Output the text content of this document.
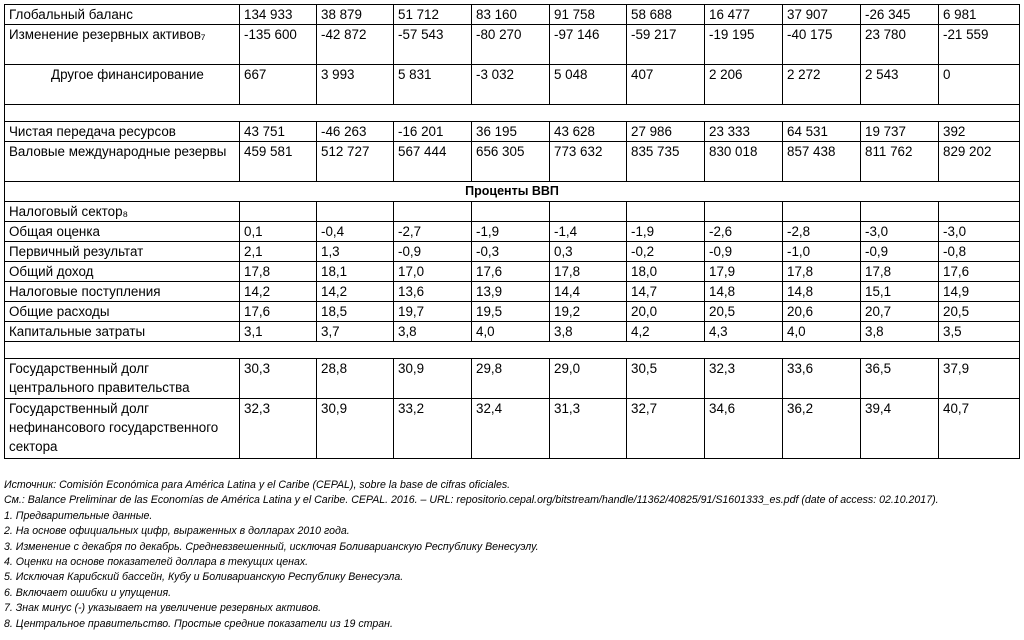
Глобальный баланс	134 933	38 879	51 712	83 160	91 758	58 688	16 477	37 907	-26 345	6 981
Изменение резервных активов₇	-135 600	-42 872	-57 543	-80 270	-97 146	-59 217	-19 195	-40 175	23 780	-21 559
Другое финансирование	667	3 993	5 831	-3 032	5 048	407	2 206	2 272	2 543	0

Чистая передача ресурсов	43 751	-46 263	-16 201	36 195	43 628	27 986	23 333	64 531	19 737	392
Валовые международные резервы	459 581	512 727	567 444	656 305	773 632	835 735	830 018	857 438	811 762	829 202
Проценты ВВП										
Налоговый сектор₈										
Общая оценка	0,1	-0,4	-2,7	-1,9	-1,4	-1,9	-2,6	-2,8	-3,0	-3,0
Первичный результат	2,1	1,3	-0,9	-0,3	0,3	-0,2	-0,9	-1,0	-0,9	-0,8
Общий доход	17,8	18,1	17,0	17,6	17,8	18,0	17,9	17,8	17,8	17,6
Налоговые поступления	14,2	14,2	13,6	13,9	14,4	14,7	14,8	14,8	15,1	14,9
Общие расходы	17,6	18,5	19,7	19,5	19,2	20,0	20,5	20,6	20,7	20,5
Капитальные затраты	3,1	3,7	3,8	4,0	3,8	4,2	4,3	4,0	3,8	3,5

Государственный долг центрального правительства	30,3	28,8	30,9	29,8	29,0	30,5	32,3	33,6	36,5	37,9
Государственный долг нефинансового государственного сектора	32,3	30,9	33,2	32,4	31,3	32,7	34,6	36,2	39,4	40,7
Источник: Comisión Económica para América Latina y el Caribe (CEPAL), sobre la base de cifras oficiales.
См.: Balance Preliminar de las Economías de América Latina y el Caribe. CEPAL. 2016. – URL: repositorio.cepal.org/bitstream/handle/11362/40825/91/S1601333_es.pdf (date of access: 02.10.2017).
1. Предварительные данные.
2. На основе официальных цифр, выраженных в долларах 2010 года.
3. Изменение с декабря по декабрь. Средневзвешенный, исключая Боливарианскую Республику Венесуэлу.
4. Оценки на основе показателей доллара в текущих ценах.
5. Исключая Карибский бассейн, Кубу и Боливарианскую Республику Венесуэла.
6. Включает ошибки и упущения.
7. Знак минус (-) указывает на увеличение резервных активов.
8. Центральное правительство. Простые средние показатели из 19 стран.
